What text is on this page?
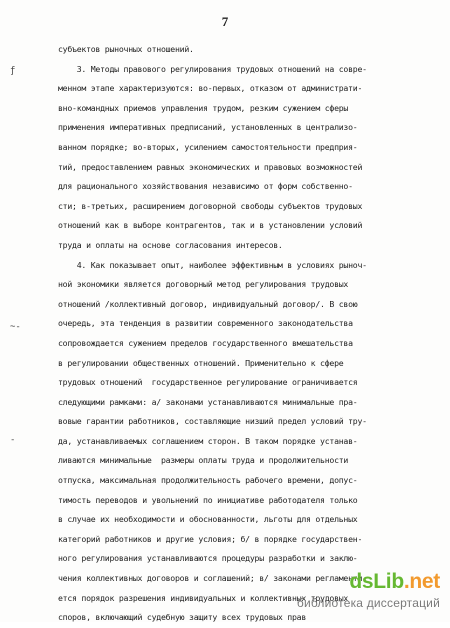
7
ƒ
~-
-
субъектов рыночных отношений.
3. Методы правового регулирования трудовых отношений на совре-
менном этапе характеризуются: во-первых, отказом от администрати-
вно-командных приемов управления трудом, резким сужением сферы
применения императивных предписаний, установленных в централизо-
ванном порядке; во-вторых, усилением самостоятельности предприя-
тий, предоставлением равных экономических и правовых возможностей
для рационального хозяйствования независимо от форм собственно-
сти; в-третьих, расширением договорной свободы субъектов трудовых
отношений как в выборе контрагентов, так и в установлении условий
труда и оплаты на основе согласования интересов.
4. Как показывает опыт, наиболее эффективным в условиях рыноч-
ной экономики является договорный метод регулирования трудовых
отношений /коллективный договор, индивидуальный договор/. В свою
очередь, эта тенденция в развитии современного законодательства
сопровождается сужением пределов государственного вмешательства
в регулировании общественных отношений. Применительно к сфере
трудовых отношений  государственное регулирование ограничивается
следующими рамками: а/ законами устанавливаются минимальные пра-
вовые гарантии работников, составляющие низший предел условий тру-
да, устанавливаемых соглашением сторон. В таком порядке устанав-
ливаются минимальные  размеры оплаты труда и продолжительности
отпуска, максимальная продолжительность рабочего времени, допус-
тимость переводов и увольнений по инициативе работодателя только
в случае их необходимости и обоснованности, льготы для отдельных
категорий работников и другие условия; б/ в порядке государствен-
ного регулирования устанавливаются процедуры разработки и заклю-
чения коллективных договоров и соглашений; в/ законами регламенти-
ется порядок разрешения индивидуальных и коллективных трудовых
споров, включающий судебную защиту всех трудовых прав
dsLib.net
библиотека диссертаций
